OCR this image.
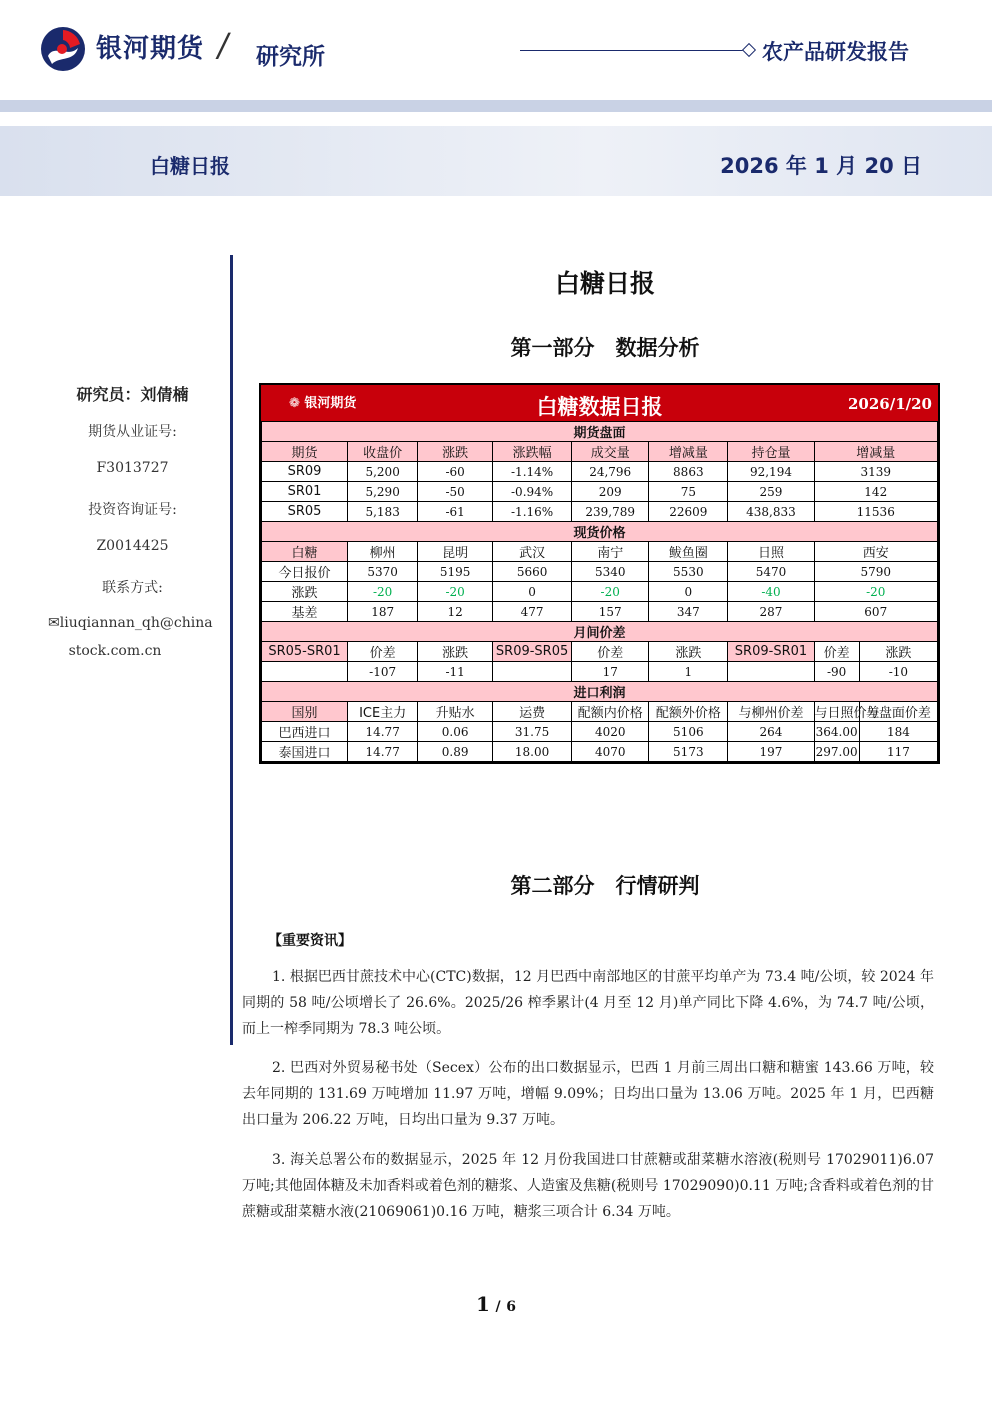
银河期货 / 研究所	农产品研发报告
白糖日报	2026 年 1 月 20 日
研究员：刘倩楠
期货从业证号:
F3013727
投资咨询证号:
Z0014425
联系方式:
✉liuqiannan_qh@china
stock.com.cn
白糖日报
第一部分　数据分析
❁ 银河期货	白糖数据日报	2026/1/20
期货盘面								
期货	收盘价	涨跌	涨跌幅	成交量	增减量	持仓量	增减量	
SR09	5,200	-60	-1.14%	24,796	8863	92,194	3139	
SR01	5,290	-50	-0.94%	209	75	259	142	
SR05	5,183	-61	-1.16%	239,789	22609	438,833	11536	
现货价格								
白糖	柳州	昆明	武汉	南宁	鲅鱼圈	日照	西安	
今日报价	5370	5195	5660	5340	5530	5470	5790	
涨跌	-20	-20	0	-20	0	-40	-20	
基差	187	12	477	157	347	287	607	
月间价差								
SR05-SR01	价差	涨跌	SR09-SR05	价差	涨跌	SR09-SR01	价差	涨跌
	-107	-11		17	1		-90	-10
进口利润								
国别	ICE主力	升贴水	运费	配额内价格	配额外价格	与柳州价差	与日照价差	与盘面价差
巴西进口	14.77	0.06	31.75	4020	5106	264	364.00	184
泰国进口	14.77	0.89	18.00	4070	5173	197	297.00	117
第二部分　行情研判
【重要资讯】
1. 根据巴西甘蔗技术中心(CTC)数据，12 月巴西中南部地区的甘蔗平均单产为 73.4 吨/公顷，较 2024 年同期的 58 吨/公顷增长了 26.6%。2025/26 榨季累计(4 月至 12 月)单产同比下降 4.6%，为 74.7 吨/公顷，而上一榨季同期为 78.3 吨公顷。
2. 巴西对外贸易秘书处（Secex）公布的出口数据显示，巴西 1 月前三周出口糖和糖蜜 143.66 万吨，较去年同期的 131.69 万吨增加 11.97 万吨，增幅 9.09%；日均出口量为 13.06 万吨。2025 年 1 月，巴西糖出口量为 206.22 万吨，日均出口量为 9.37 万吨。
3. 海关总署公布的数据显示，2025 年 12 月份我国进口甘蔗糖或甜菜糖水溶液(税则号 17029011)6.07 万吨;其他固体糖及未加香料或着色剂的糖浆、人造蜜及焦糖(税则号 17029090)0.11 万吨;含香料或着色剂的甘蔗糖或甜菜糖水液(21069061)0.16 万吨，糖浆三项合计 6.34 万吨。
1 / 6
